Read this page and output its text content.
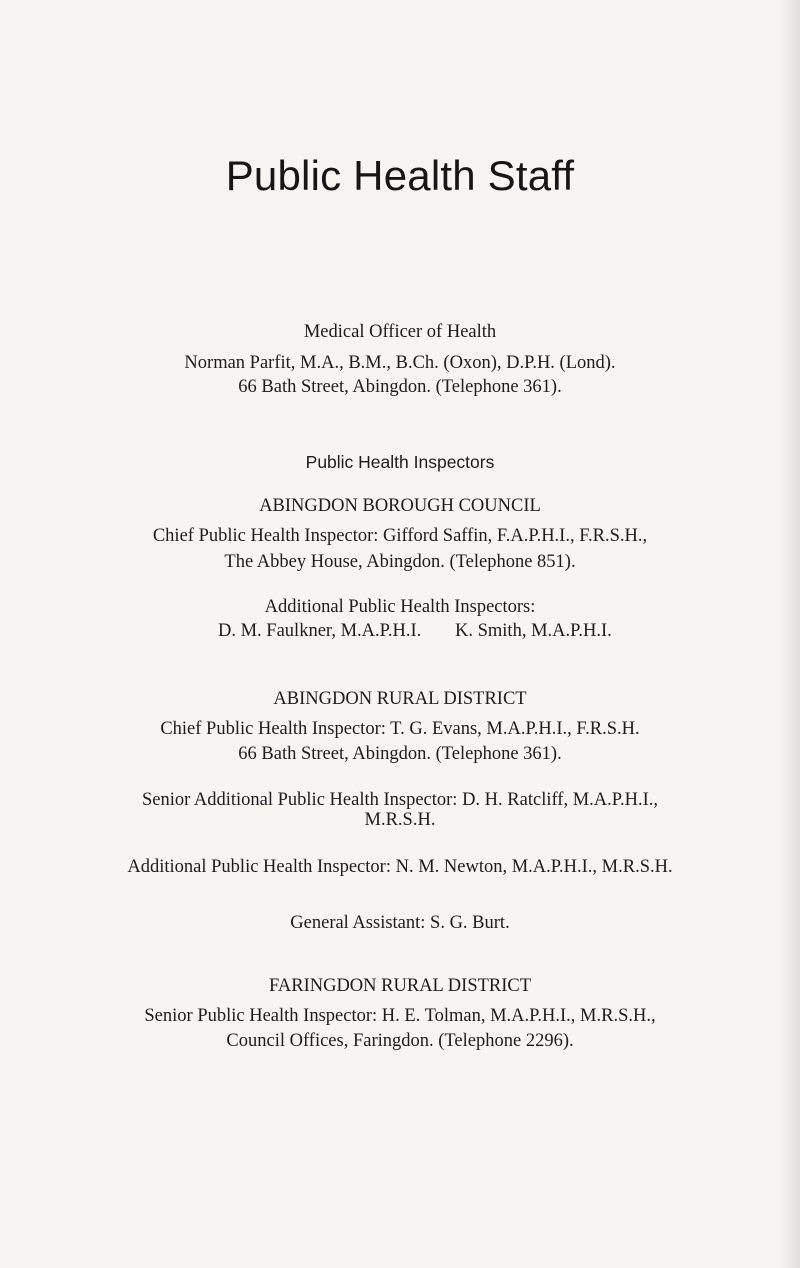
Public Health Staff
Medical Officer of Health
Norman Parfit, M.A., B.M., B.Ch. (Oxon), D.P.H. (Lond).
66 Bath Street, Abingdon. (Telephone 361).
Public Health Inspectors
ABINGDON BOROUGH COUNCIL
Chief Public Health Inspector: Gifford Saffin, F.A.P.H.I., F.R.S.H.,
The Abbey House, Abingdon. (Telephone 851).
Additional Public Health Inspectors:
D. M. Faulkner, M.A.P.H.I. K. Smith, M.A.P.H.I.
ABINGDON RURAL DISTRICT
Chief Public Health Inspector: T. G. Evans, M.A.P.H.I., F.R.S.H.
66 Bath Street, Abingdon. (Telephone 361).
Senior Additional Public Health Inspector: D. H. Ratcliff, M.A.P.H.I.,
M.R.S.H.
Additional Public Health Inspector: N. M. Newton, M.A.P.H.I., M.R.S.H.
General Assistant: S. G. Burt.
FARINGDON RURAL DISTRICT
Senior Public Health Inspector: H. E. Tolman, M.A.P.H.I., M.R.S.H.,
Council Offices, Faringdon. (Telephone 2296).
